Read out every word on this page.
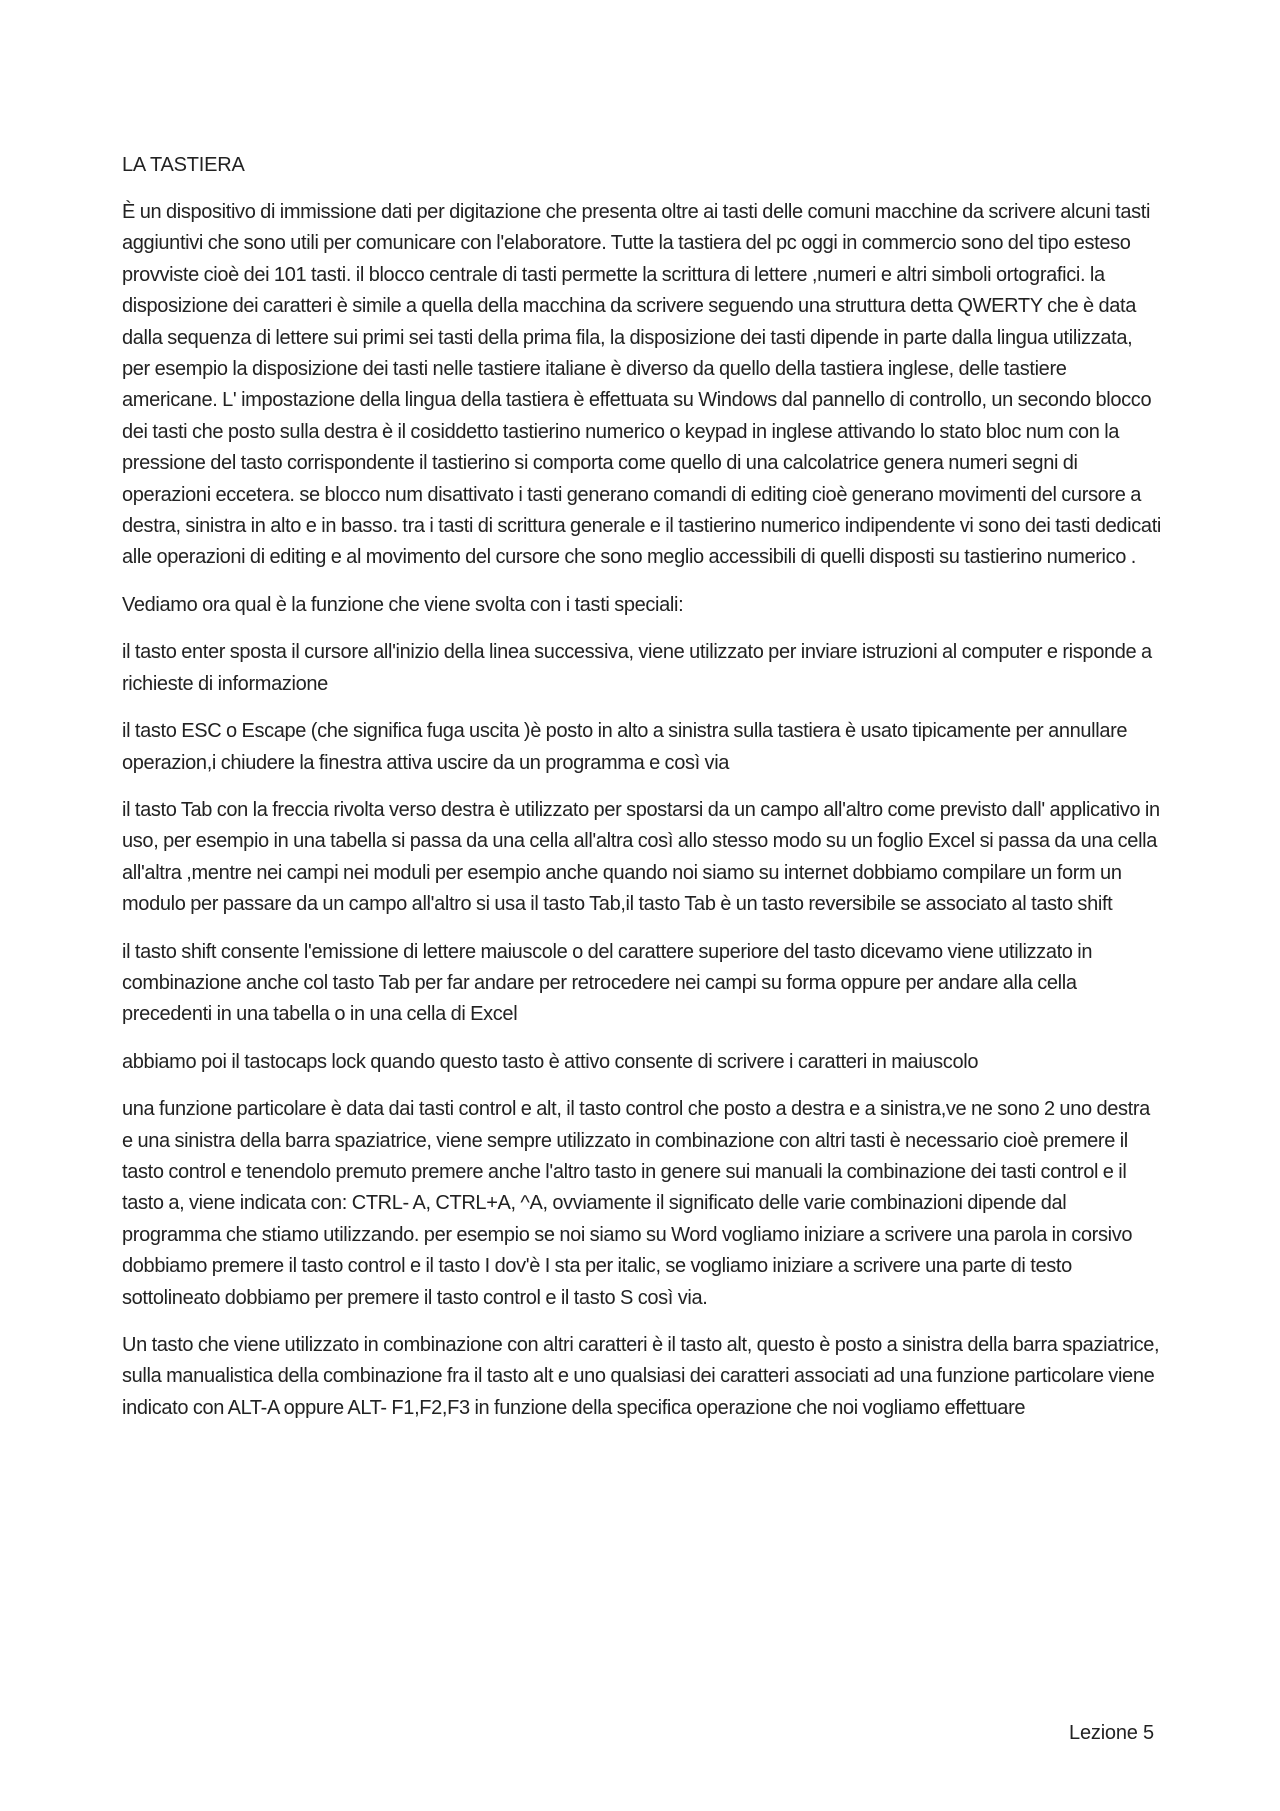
LA TASTIERA

È un dispositivo di immissione dati per digitazione che presenta oltre ai tasti delle comuni macchine da scrivere alcuni tasti aggiuntivi che sono utili per comunicare con l'elaboratore. Tutte la tastiera del pc oggi in commercio sono del tipo esteso provviste cioè dei 101 tasti. il blocco centrale di tasti permette la scrittura di lettere ,numeri e altri simboli ortografici. la disposizione dei caratteri è simile a quella della macchina da scrivere seguendo una struttura detta QWERTY che è data dalla sequenza di lettere sui primi sei tasti della prima fila, la disposizione dei tasti dipende in parte dalla lingua utilizzata, per esempio la disposizione dei tasti nelle tastiere italiane è diverso da quello della tastiera inglese, delle tastiere americane. L' impostazione della lingua della tastiera è effettuata su Windows dal pannello di controllo, un secondo blocco dei tasti che posto sulla destra è il cosiddetto tastierino numerico o keypad in inglese attivando lo stato bloc num con la pressione del tasto corrispondente il tastierino si comporta come quello di una calcolatrice genera numeri segni di operazioni eccetera. se blocco num disattivato i tasti generano comandi di editing cioè generano movimenti del cursore a destra, sinistra in alto e in basso. tra i tasti di scrittura generale e il tastierino numerico indipendente vi sono dei tasti dedicati alle operazioni di editing e al movimento del cursore che sono meglio accessibili di quelli disposti su tastierino numerico .

Vediamo ora qual è la funzione che viene svolta con i tasti speciali:

il tasto enter sposta il cursore all'inizio della linea successiva, viene utilizzato per inviare istruzioni al computer e risponde a richieste di informazione

il tasto ESC o Escape (che significa fuga uscita )è posto in alto a sinistra sulla tastiera è usato tipicamente per annullare operazion,i chiudere la finestra attiva uscire da un programma e così via

il tasto Tab con la freccia rivolta verso destra è utilizzato per spostarsi da un campo all'altro come previsto dall' applicativo in uso, per esempio in una tabella si passa da una cella all'altra così allo stesso modo su un foglio Excel si passa da una cella all'altra ,mentre nei campi nei moduli per esempio anche quando noi siamo su internet dobbiamo compilare un form un modulo per passare da un campo all'altro si usa il tasto Tab,il tasto Tab è un tasto reversibile se associato al tasto shift

il tasto shift consente l'emissione di lettere maiuscole o del carattere superiore del tasto dicevamo viene utilizzato in combinazione anche col tasto Tab per far andare per retrocedere nei campi su forma oppure per andare alla cella precedenti in una tabella o in una cella di Excel

abbiamo poi il tastocaps lock quando questo tasto è attivo consente di scrivere i caratteri in maiuscolo

una funzione particolare è data dai tasti control e alt, il tasto control che posto a destra e a sinistra,ve ne sono 2 uno destra e una sinistra della barra spaziatrice, viene sempre utilizzato in combinazione con altri tasti è necessario cioè premere il tasto control e tenendolo premuto premere anche l'altro tasto in genere sui manuali la combinazione dei tasti control e il tasto a, viene indicata con: CTRL- A, CTRL+A, ^A, ovviamente il significato delle varie combinazioni dipende dal programma che stiamo utilizzando. per esempio se noi siamo su Word vogliamo iniziare a scrivere una parola in corsivo dobbiamo premere il tasto control e il tasto I dov'è I sta per italic, se vogliamo iniziare a scrivere una parte di testo sottolineato dobbiamo per premere il tasto control e il tasto S così via.

Un tasto che viene utilizzato in combinazione con altri caratteri è il tasto alt, questo è posto a sinistra della barra spaziatrice, sulla manualistica della combinazione fra il tasto alt e uno qualsiasi dei caratteri associati ad una funzione particolare viene indicato con ALT-A oppure ALT- F1,F2,F3 in funzione della specifica operazione che noi vogliamo effettuare

Lezione 5
